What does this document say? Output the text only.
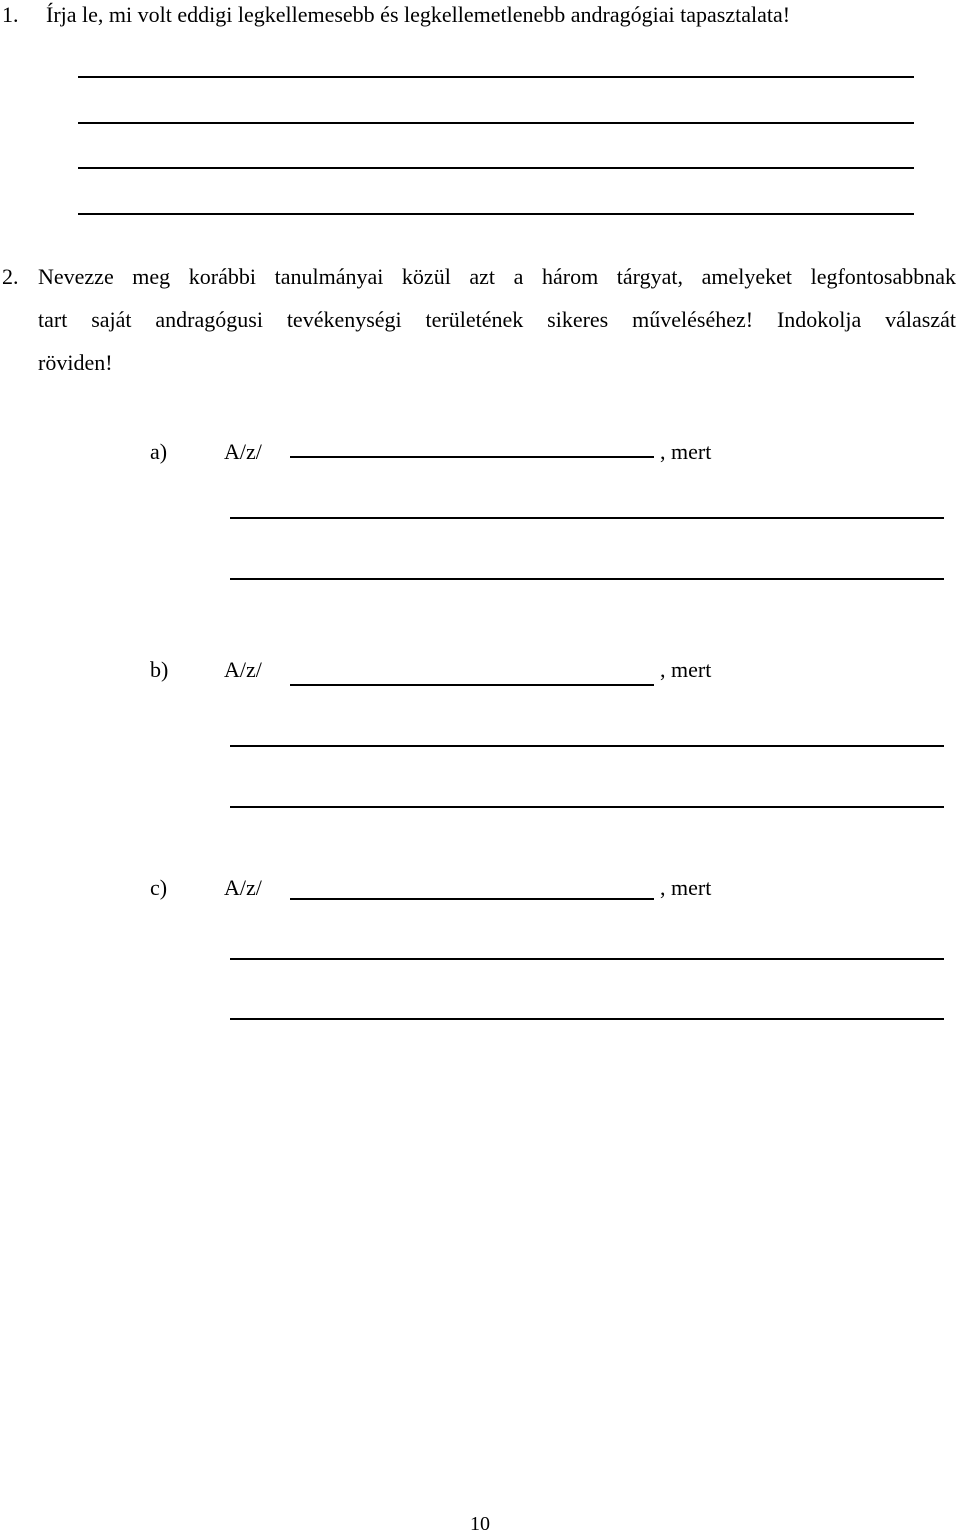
1. Írja le, mi volt eddigi legkellemesebb és legkellemetlenebb andragógiai tapasztalata!
2. Nevezze meg korábbi tanulmányai közül azt a három tárgyat, amelyeket legfontosabbnak
tart saját andragógusi tevékenységi területének sikeres műveléséhez! Indokolja válaszát
röviden!
a)	A/z/	, mert
b)	A/z/	, mert
c)	A/z/	, mert
10
